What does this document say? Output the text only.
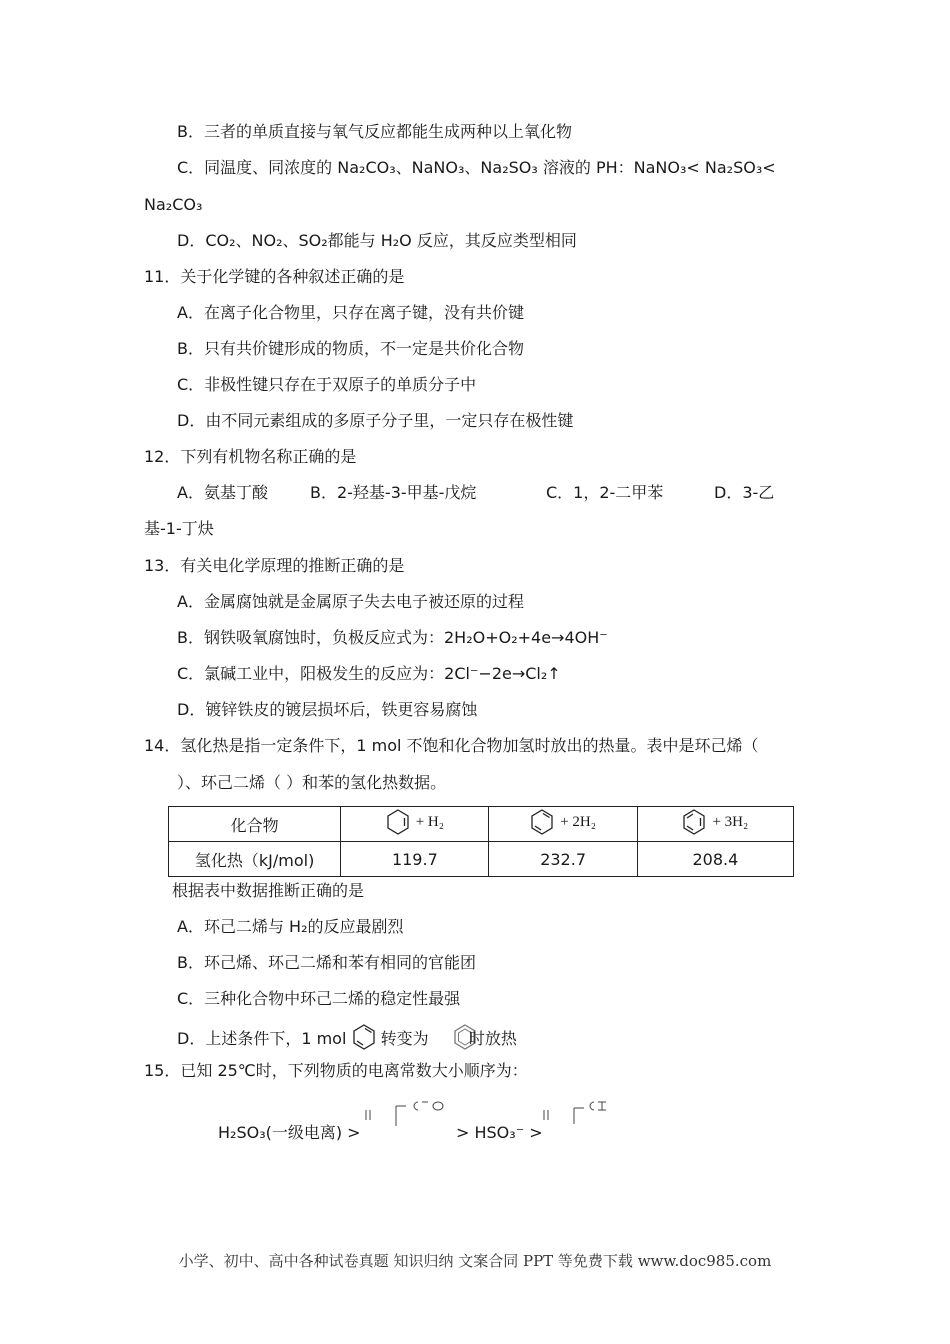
B．三者的单质直接与氧气反应都能生成两种以上氧化物
C．同温度、同浓度的 Na₂CO₃、NaNO₃、Na₂SO₃ 溶液的 PH：NaNO₃< Na₂SO₃<
Na₂CO₃
D．CO₂、NO₂、SO₂都能与 H₂O 反应，其反应类型相同
11．关于化学键的各种叙述正确的是
A．在离子化合物里，只存在离子键，没有共价键
B．只有共价键形成的物质，不一定是共价化合物
C．非极性键只存在于双原子的单质分子中
D．由不同元素组成的多原子分子里，一定只存在极性键
12．下列有机物名称正确的是
A．氨基丁酸	B．2-羟基-3-甲基-戊烷	C．1，2-二甲苯	D．3-乙
基-1-丁炔
13．有关电化学原理的推断正确的是
A．金属腐蚀就是金属原子失去电子被还原的过程
B．钢铁吸氧腐蚀时，负极反应式为：2H₂O+O₂+4e→4OH⁻
C．氯碱工业中，阳极发生的反应为：2Cl⁻−2e→Cl₂↑
D．镀锌铁皮的镀层损坏后，铁更容易腐蚀
14．氢化热是指一定条件下，1 mol 不饱和化合物加氢时放出的热量。表中是环己烯（
）、环己二烯（ ）和苯的氢化热数据。
化合物	+ H₂	+ 2H₂	+ 3H₂

氢化热（kJ/mol)	119.7	232.7	208.4
根据表中数据推断正确的是
A．环己二烯与 H₂的反应最剧烈
B．环己烯、环己二烯和苯有相同的官能团
C．三种化合物中环己二烯的稳定性最强
D．上述条件下，1 mol 转变为	时放热
15．已知 25℃时，下列物质的电离常数大小顺序为：
H₂SO₃(一级电离) >	> HSO₃⁻ >
小学、初中、高中各种试卷真题 知识归纳 文案合同 PPT 等免费下载 www.doc985.com
